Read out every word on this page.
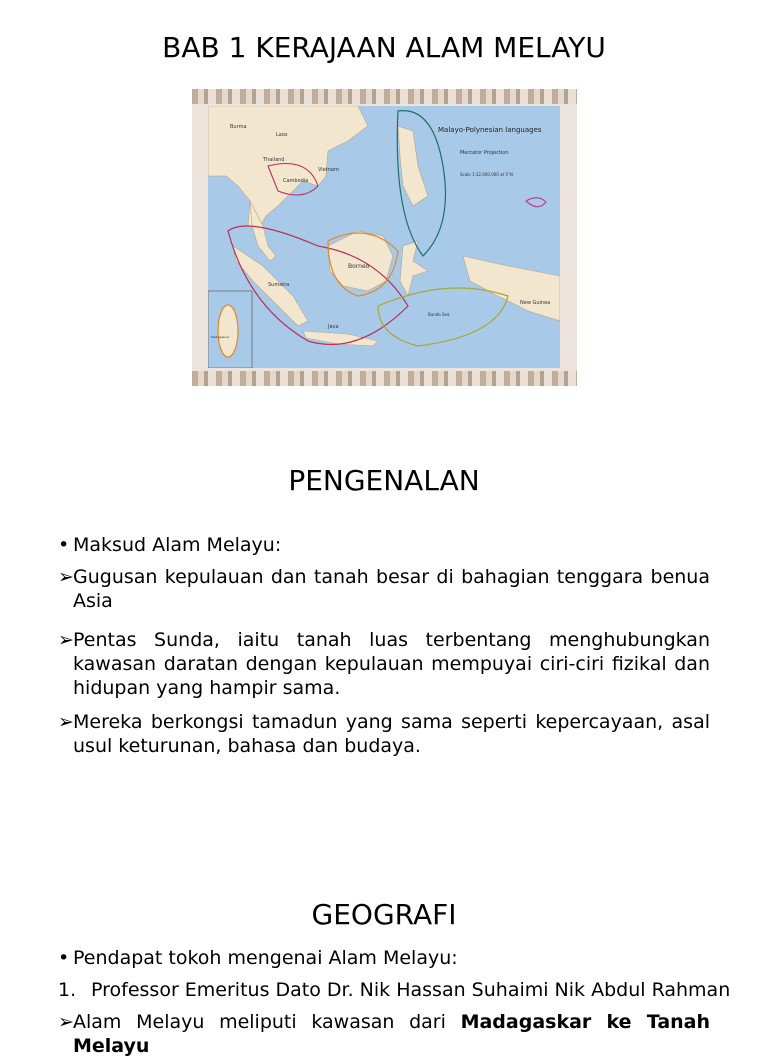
BAB 1 KERAJAAN ALAM MELAYU
Malayo-Polynesian languages
Mercator Projection
Scale 1:32,000,000 at 5°N
Burma
Laos
Thailand
Vietnam
Cambodia
Sumatra
Borneo
Java
New Guinea
Banda Sea
Madagascar
PENGENALAN

• Maksud Alam Melayu:

➢ Gugusan kepulauan dan tanah besar di bahagian tenggara benua Asia

➢ Pentas Sunda, iaitu tanah luas terbentang menghubungkan kawasan daratan dengan kepulauan mempuyai ciri-ciri fizikal dan hidupan yang hampir sama.

➢ Mereka berkongsi tamadun yang sama seperti kepercayaan, asal usul keturunan, bahasa dan budaya.

GEOGRAFI

• Pendapat tokoh mengenai Alam Melayu:

1. Professor Emeritus Dato Dr. Nik Hassan Suhaimi Nik Abdul Rahman

➢ Alam Melayu meliputi kawasan dari Madagaskar ke Tanah Melayu
